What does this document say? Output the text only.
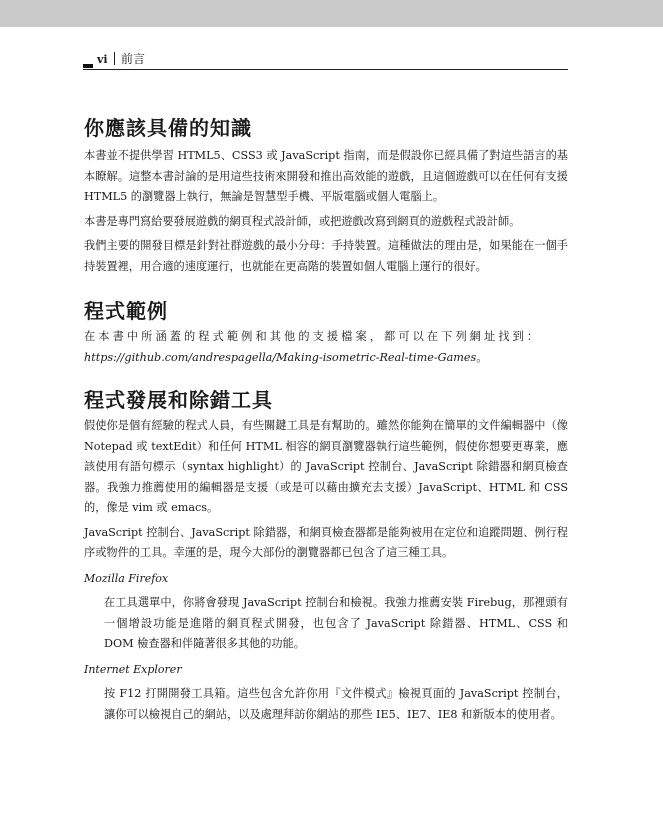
vi 前言
你應該具備的知識

本書並不提供學習 HTML5、CSS3 或 JavaScript 指南，而是假設你已經具備了對這些語言的基本瞭解。這整本書討論的是用這些技術來開發和推出高效能的遊戲，且這個遊戲可以在任何有支援 HTML5 的瀏覽器上執行，無論是智慧型手機、平版電腦或個人電腦上。

本書是專門寫給要發展遊戲的網頁程式設計師，或把遊戲改寫到網頁的遊戲程式設計師。

我們主要的開發目標是針對社群遊戲的最小分母：手持裝置。這種做法的理由是，如果能在一個手持裝置裡，用合適的速度運行，也就能在更高階的裝置如個人電腦上運行的很好。

程式範例

在本書中所涵蓋的程式範例和其他的支援檔案，都可以在下列網址找到：
https://github.com/andrespagella/Making-isometric-Real-time-Games。

程式發展和除錯工具

假使你是個有經驗的程式人員，有些關鍵工具是有幫助的。雖然你能夠在簡單的文件編輯器中（像 Notepad 或 textEdit）和任何 HTML 相容的網頁瀏覽器執行這些範例，假使你想要更專業，應該使用有語句標示（syntax highlight）的 JavaScript 控制台、JavaScript 除錯器和網頁檢查器。我強力推薦使用的編輯器是支援（或是可以藉由擴充去支援）JavaScript、HTML 和 CSS 的，像是 vim 或 emacs。

JavaScript 控制台、JavaScript 除錯器，和網頁檢查器都是能夠被用在定位和追蹤問題、例行程序或物件的工具。幸運的是，現今大部份的瀏覽器都已包含了這三種工具。

Mozilla Firefox

在工具選單中，你將會發現 JavaScript 控制台和檢視。我強力推薦安裝 Firebug，那裡頭有一個增設功能是進階的網頁程式開發，也包含了 JavaScript 除錯器、HTML、CSS 和 DOM 檢查器和伴隨著很多其他的功能。

Internet Explorer

按 F12 打開開發工具箱。這些包含允許你用『文件模式』檢視頁面的 JavaScript 控制台，讓你可以檢視自己的網站，以及處理拜訪你網站的那些 IE5、IE7、IE8 和新版本的使用者。
